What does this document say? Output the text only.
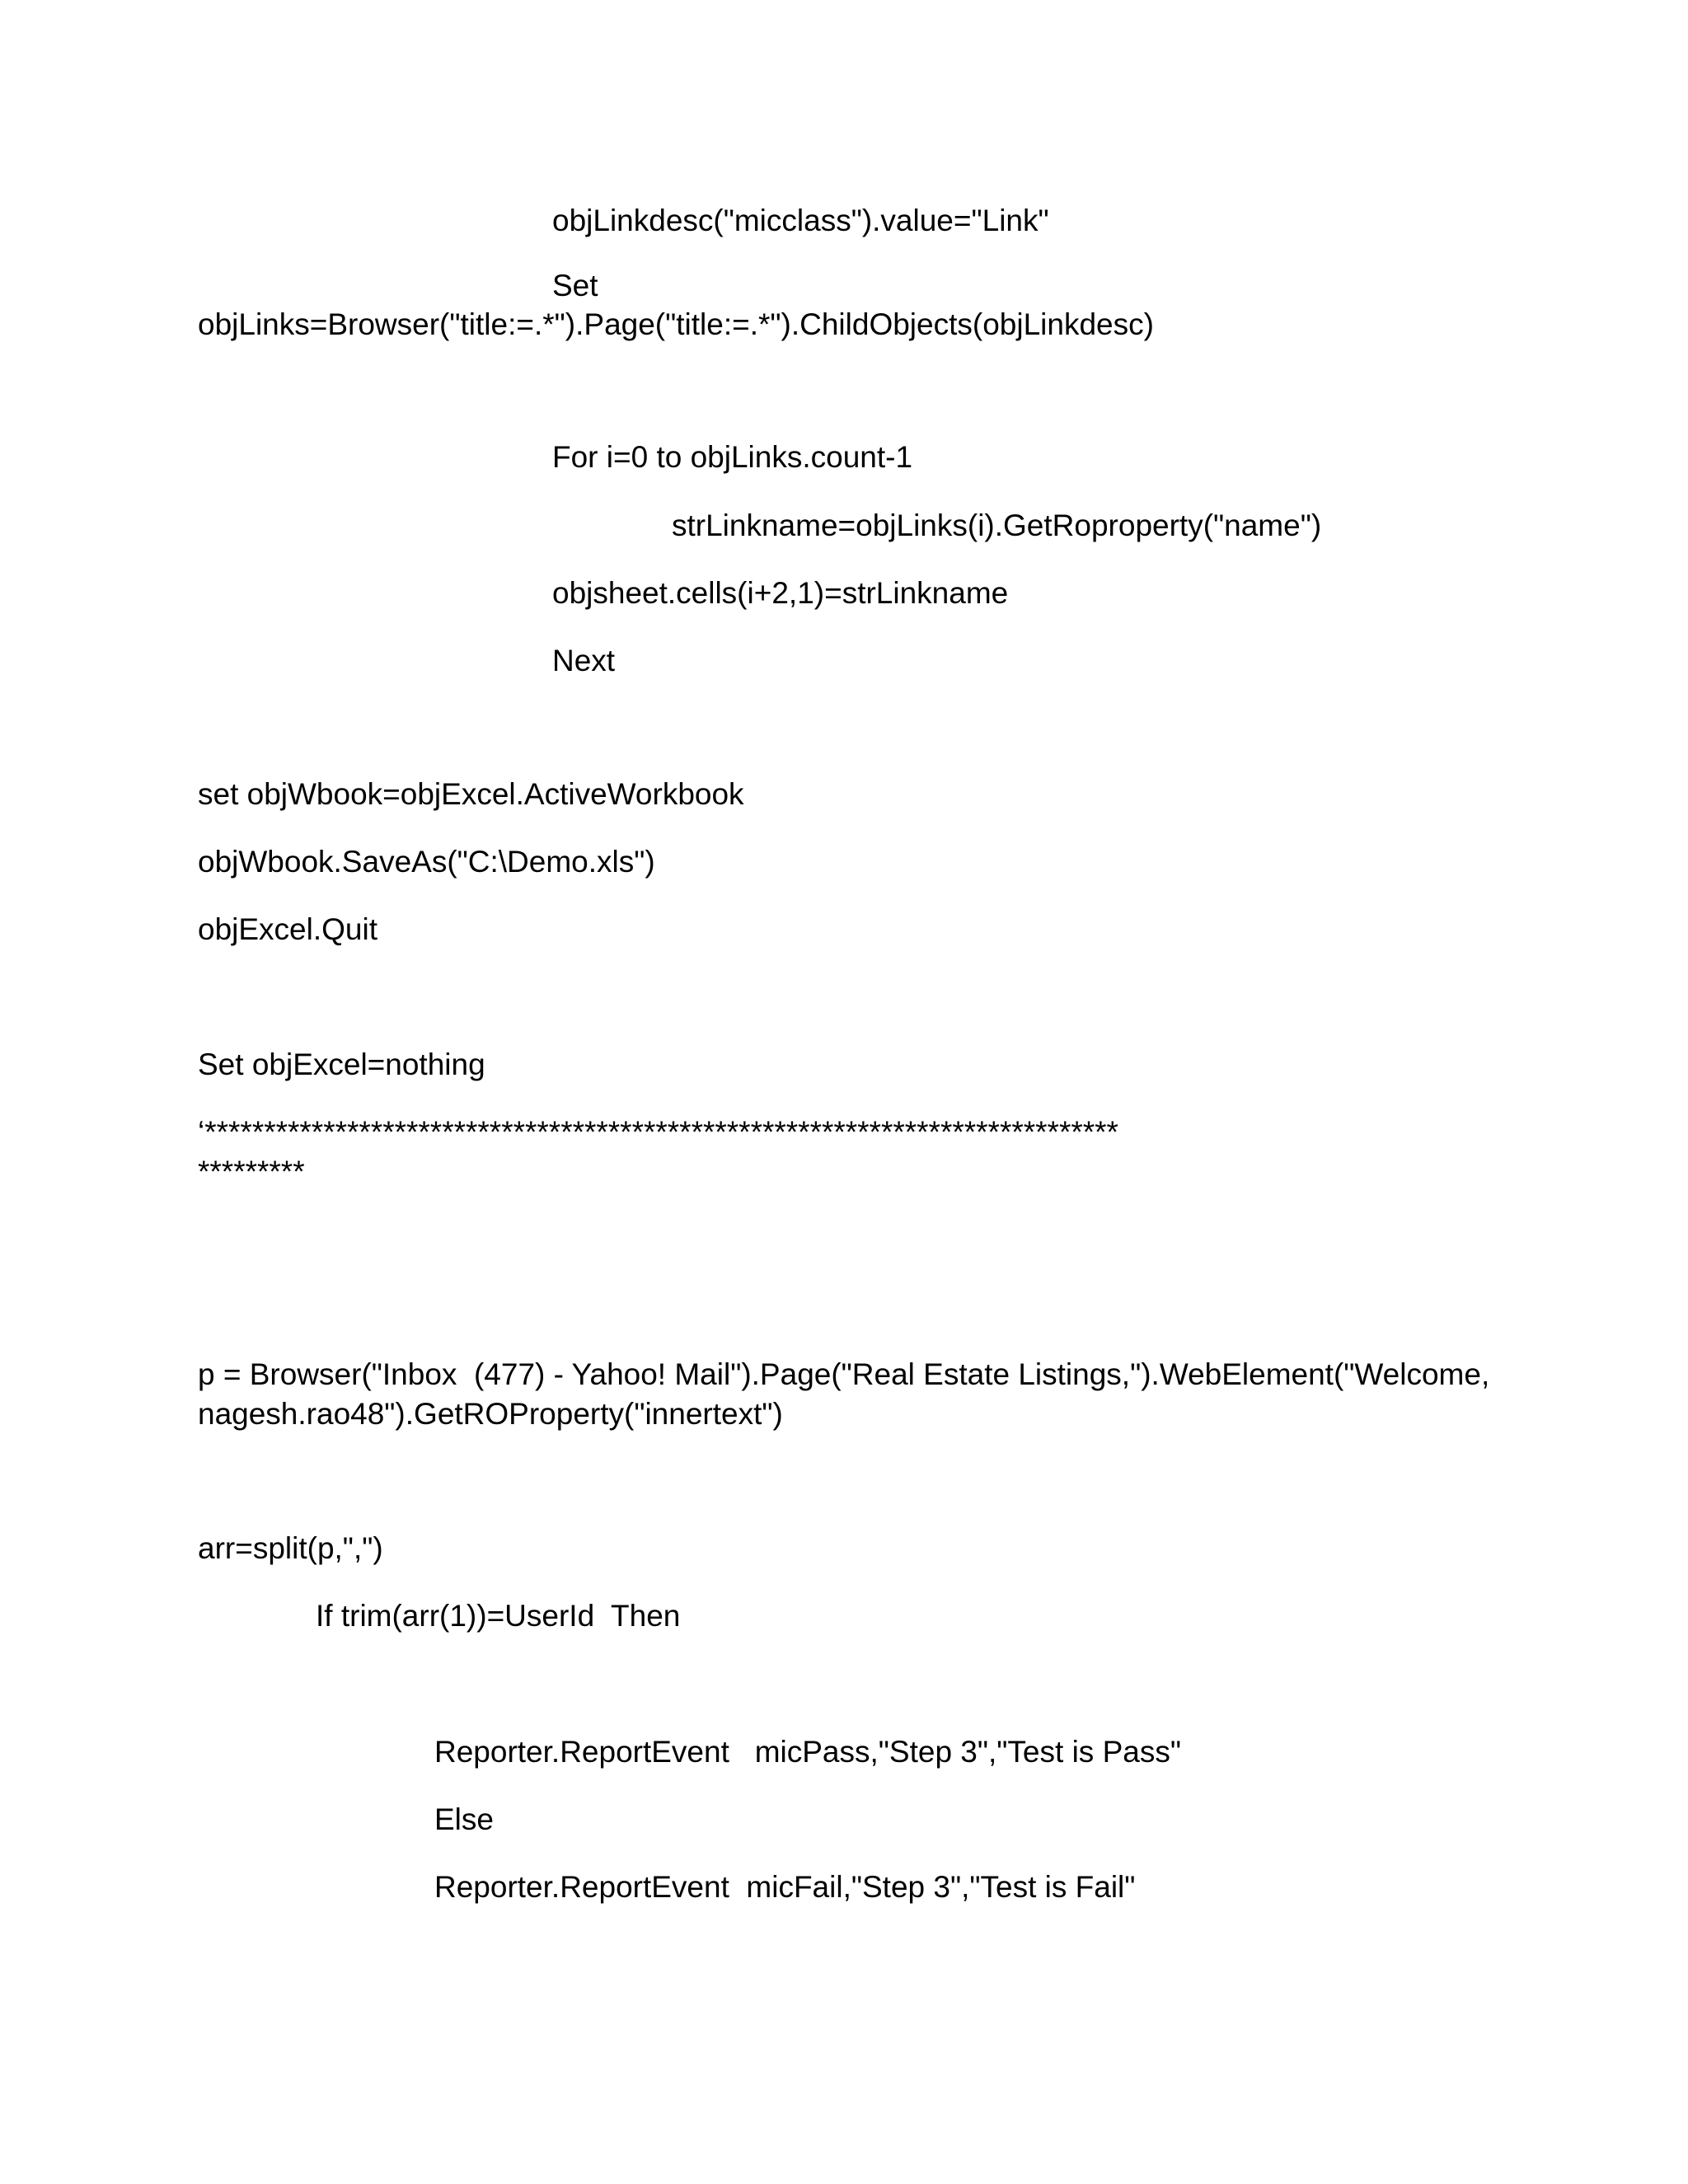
objLinkdesc("micclass").value="Link"
Set
objLinks=Browser("title:=.*").Page("title:=.*").ChildObjects(objLinkdesc)
For i=0 to objLinks.count-1
strLinkname=objLinks(i).GetRoproperty("name")
objsheet.cells(i+2,1)=strLinkname
Next
set objWbook=objExcel.ActiveWorkbook
objWbook.SaveAs("C:\Demo.xls")
objExcel.Quit
Set objExcel=nothing
‘*****************************************************************************
*********
p = Browser("Inbox  (477) - Yahoo! Mail").Page("Real Estate Listings,").WebElement("Welcome,
nagesh.rao48").GetROProperty("innertext")
arr=split(p,",")
If trim(arr(1))=UserId  Then
Reporter.ReportEvent   micPass,"Step 3","Test is Pass"
Else
Reporter.ReportEvent  micFail,"Step 3","Test is Fail"
